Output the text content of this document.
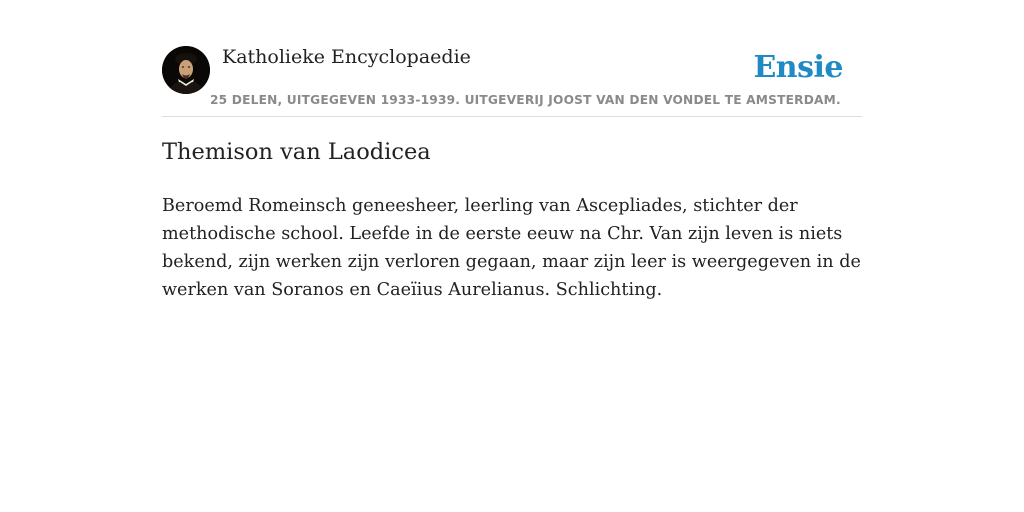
Katholieke Encyclopaedie
25 DELEN, UITGEGEVEN 1933-1939. UITGEVERIJ JOOST VAN DEN VONDEL TE AMSTERDAM.
Ensie
Themison van Laodicea

Beroemd Romeinsch geneesheer, leerling van Ascepliades, stichter der methodische school. Leefde in de eerste eeuw na Chr. Van zijn leven is niets bekend, zijn werken zijn verloren gegaan, maar zijn leer is weergegeven in de werken van Soranos en Caeïius Aurelianus. Schlichting.
